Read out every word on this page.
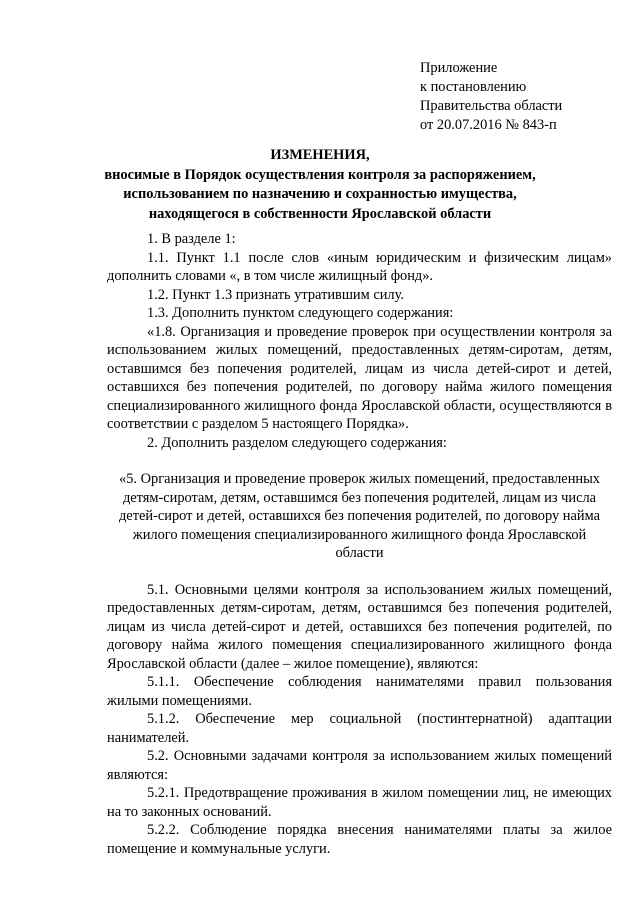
Приложение
к постановлению
Правительства области
от 20.07.2016 № 843-п
ИЗМЕНЕНИЯ,
вносимые в Порядок осуществления контроля за распоряжением,
использованием по назначению и сохранностью имущества,
находящегося в собственности Ярославской области

1. В разделе 1:

1.1. Пункт 1.1 после слов «иным юридическим и физическим лицам» дополнить словами «, в том числе жилищный фонд».

1.2. Пункт 1.3 признать утратившим силу.

1.3. Дополнить пунктом следующего содержания:

«1.8. Организация и проведение проверок при осуществлении контроля за использованием жилых помещений, предоставленных детям-сиротам, детям, оставшимся без попечения родителей, лицам из числа детей-сирот и детей, оставшихся без попечения родителей, по договору найма жилого помещения специализированного жилищного фонда Ярославской области, осуществляются в соответствии с разделом 5 настоящего Порядка».

2. Дополнить разделом следующего содержания:

«5. Организация и проведение проверок жилых помещений, предоставленных детям-сиротам, детям, оставшимся без попечения родителей, лицам из числа детей-сирот и детей, оставшихся без попечения родителей, по договору найма жилого помещения специализированного жилищного фонда Ярославской области

5.1. Основными целями контроля за использованием жилых помещений, предоставленных детям-сиротам, детям, оставшимся без попечения родителей, лицам из числа детей-сирот и детей, оставшихся без попечения родителей, по договору найма жилого помещения специализированного жилищного фонда Ярославской области (далее – жилое помещение), являются:

5.1.1. Обеспечение соблюдения нанимателями правил пользования жилыми помещениями.

5.1.2. Обеспечение мер социальной (постинтернатной) адаптации нанимателей.

5.2. Основными задачами контроля за использованием жилых помещений являются:

5.2.1. Предотвращение проживания в жилом помещении лиц, не имеющих на то законных оснований.

5.2.2. Соблюдение порядка внесения нанимателями платы за жилое помещение и коммунальные услуги.
